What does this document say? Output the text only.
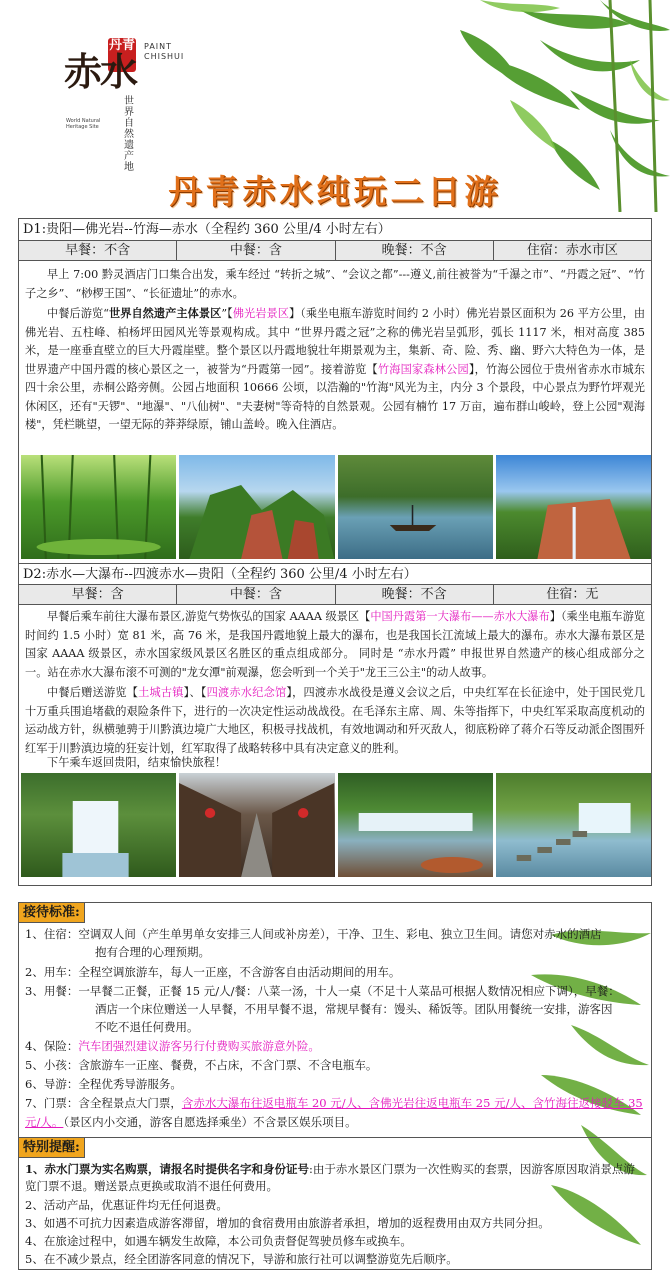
丹青 PAINT CHISHUI
赤水
世界自然遗产地
World Natural Heritage Site
丹青赤水纯玩二日游
D1:贵阳—佛光岩--竹海—赤水（全程约 360 公里/4 小时左右）
早餐：不含	中餐：含	晚餐：不含	住宿：赤水市区

早上 7:00 黔灵酒店门口集合出发，乘车经过 “转折之城”、“会议之都”---遵义,前往被誉为“千瀑之市”、“丹霞之冠”、“竹子之乡”、“桫椤王国”、“长征遗址”的赤水。

中餐后游览“世界自然遗产主体景区”【佛光岩景区】（乘坐电瓶车游览时间约 2 小时）佛光岩景区面积为 26 平方公里，由佛光岩、五柱峰、柏杨坪田园风光等景观构成。其中 “世界丹霞之冠”之称的佛光岩呈弧形，弧长 1117 米，相对高度 385 米，是一座垂直壁立的巨大丹霞崖壁。整个景区以丹霞地貌壮年期景观为主，集新、奇、险、秀、幽、野六大特色为一体，是世界遗产中国丹霞的核心景区之一，被誉为“丹霞第一园”。接着游览【竹海国家森林公园】，竹海公园位于贵州省赤水市城东四十余公里，赤桐公路旁侧。公园占地面积 10666 公顷，以浩瀚的"竹海"风光为主，内分 3 个景段，中心景点为野竹坪观光休闲区，还有"天锣"、"地瀑"、"八仙树"、"夫妻树"等奇特的自然景观。公园有楠竹 17 万亩，遍布群山峻岭，登上公园"观海楼"，凭栏眺望，一望无际的莽莽绿原，铺山盖岭。晚入住酒店。

D2:赤水—大瀑布--四渡赤水—贵阳（全程约 360 公里/4 小时左右）
早餐：含	中餐：含	晚餐：不含	住宿：无

早餐后乘车前往大瀑布景区,游览气势恢弘的国家 AAAA 级景区【中国丹霞第一大瀑布——赤水大瀑布】（乘坐电瓶车游览时间约 1.5 小时）宽 81 米，高 76 米，是我国丹霞地貌上最大的瀑布，也是我国长江流域上最大的瀑布。赤水大瀑布景区是国家 AAAA 级景区，赤水国家级风景区名胜区的重点组成部分。 同时是 “赤水丹霞” 申报世界自然遗产的核心组成部分之一。站在赤水大瀑布滚不可测的"龙女潭"前观瀑，您会听到一个关于"龙王三公主"的动人故事。

中餐后赠送游览【土城古镇】、【四渡赤水纪念馆】，四渡赤水战役是遵义会议之后，中央红军在长征途中，处于国民党几十万重兵围追堵截的艰险条件下，进行的一次决定性运动战战役。在毛泽东主席、周、朱等指挥下，中央红军采取高度机动的运动战方针，纵横驰骋于川黔滇边境广大地区，积极寻找战机，有效地调动和歼灭敌人，彻底粉碎了蒋介石等反动派企图围歼红军于川黔滇边境的狂妄计划，红军取得了战略转移中具有决定意义的胜利。

下午乘车返回贵阳，结束愉快旅程！

接待标准:

1、住宿：空调双人间（产生单男单女安排三人间或补房差），干净、卫生、彩电、独立卫生间。请您对赤水的酒店

抱有合理的心理预期。

2、用车：全程空调旅游车，每人一正座，不含游客自由活动期间的用车。

3、用餐：一早餐二正餐，正餐 15 元/人/餐：八菜一汤，十人一桌（不足十人菜品可根据人数情况相应下调），早餐：

酒店一个床位赠送一人早餐，不用早餐不退，常规早餐有：馒头、稀饭等。团队用餐统一安排，游客因

不吃不退任何费用。

4、保险：汽车团强烈建议游客另行付费购买旅游意外险。

5、小孩：含旅游车一正座、餐费，不占床，不含门票、不含电瓶车。

6、导游：全程优秀导游服务。

7、门票：含全程景点大门票，含赤水大瀑布往返电瓶车 20 元/人、含佛光岩往返电瓶车 25 元/人、含竹海往返接驳车 35 元/人。（景区内小交通，游客自愿选择乘坐）不含景区娱乐项目。

特别提醒:

1、赤水门票为实名购票，请报名时提供名字和身份证号:由于赤水景区门票为一次性购买的套票，因游客原因取消景点游览门票不退。赠送景点更换或取消不退任何费用。

2、活动产品，优惠证件均无任何退费。

3、如遇不可抗力因素造成游客滞留，增加的食宿费用由旅游者承担，增加的返程费用由双方共同分担。

4、在旅途过程中，如遇车辆发生故障，本公司负责督促驾驶员修车或换车。

5、在不减少景点，经全团游客同意的情况下，导游和旅行社可以调整游览先后顺序。
